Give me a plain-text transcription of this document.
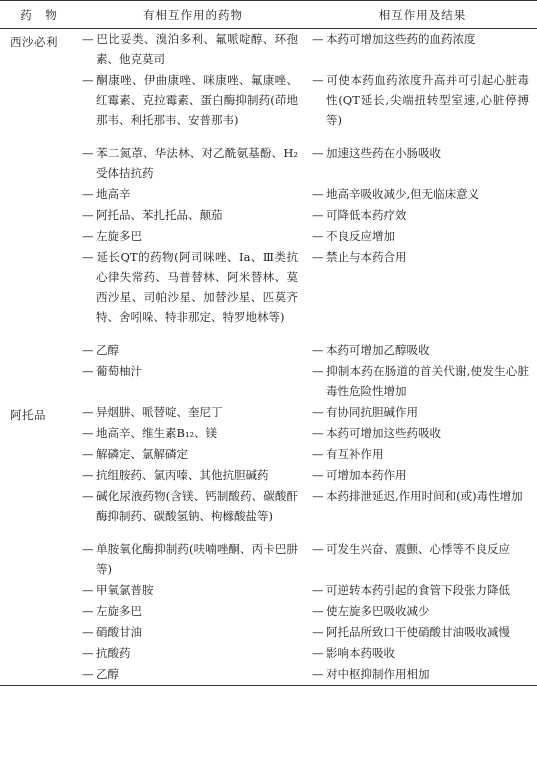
药　物	有相互作用的药物	相互作用及结果
西沙必利	— 巴比妥类、溴泊多利、氟哌啶醇、环孢素、他克莫司	— 本药可增加这些药的血药浓度

	— 酮康唑、伊曲康唑、咪康唑、氟康唑、红霉素、克拉霉素、蛋白酶抑制药(茚地那韦、利托那韦、安普那韦)	— 可使本药血药浓度升高并可引起心脏毒性(QT延长,尖端扭转型室速,心脏停搏等)

	— 苯二氮䓬、华法林、对乙酰氨基酚、H₂受体拮抗药	— 加速这些药在小肠吸收

	— 地高辛	— 地高辛吸收减少,但无临床意义

	— 阿托品、苯扎托品、颠茄	— 可降低本药疗效

	— 左旋多巴	— 不良反应增加

	— 延长QT的药物(阿司咪唑、Ia、Ⅲ类抗心律失常药、马普替林、阿米替林、莫西沙星、司帕沙星、加替沙星、匹莫齐特、舍吲哚、特非那定、特罗地林等)	— 禁止与本药合用

	— 乙醇	— 本药可增加乙醇吸收

	— 葡萄柚汁	— 抑制本药在肠道的首关代谢,使发生心脏毒性危险性增加

阿托品	— 异烟肼、哌替啶、奎尼丁	— 有协同抗胆碱作用

	— 地高辛、维生素B₁₂、镁	— 本药可增加这些药吸收

	— 解磷定、氯解磷定	— 有互补作用

	— 抗组胺药、氯丙嗪、其他抗胆碱药	— 可增加本药作用

	— 碱化尿液药物(含镁、钙制酸药、碳酸酐酶抑制药、碳酸氢钠、枸橼酸盐等)	— 本药排泄延迟,作用时间和(或)毒性增加

	— 单胺氧化酶抑制药(呋喃唑酮、丙卡巴肼等)	— 可发生兴奋、震颤、心悸等不良反应

	— 甲氧氯普胺	— 可逆转本药引起的食管下段张力降低

	— 左旋多巴	— 使左旋多巴吸收减少

	— 硝酸甘油	— 阿托品所致口干使硝酸甘油吸收减慢

	— 抗酸药	— 影响本药吸收

	— 乙醇	— 对中枢抑制作用相加
